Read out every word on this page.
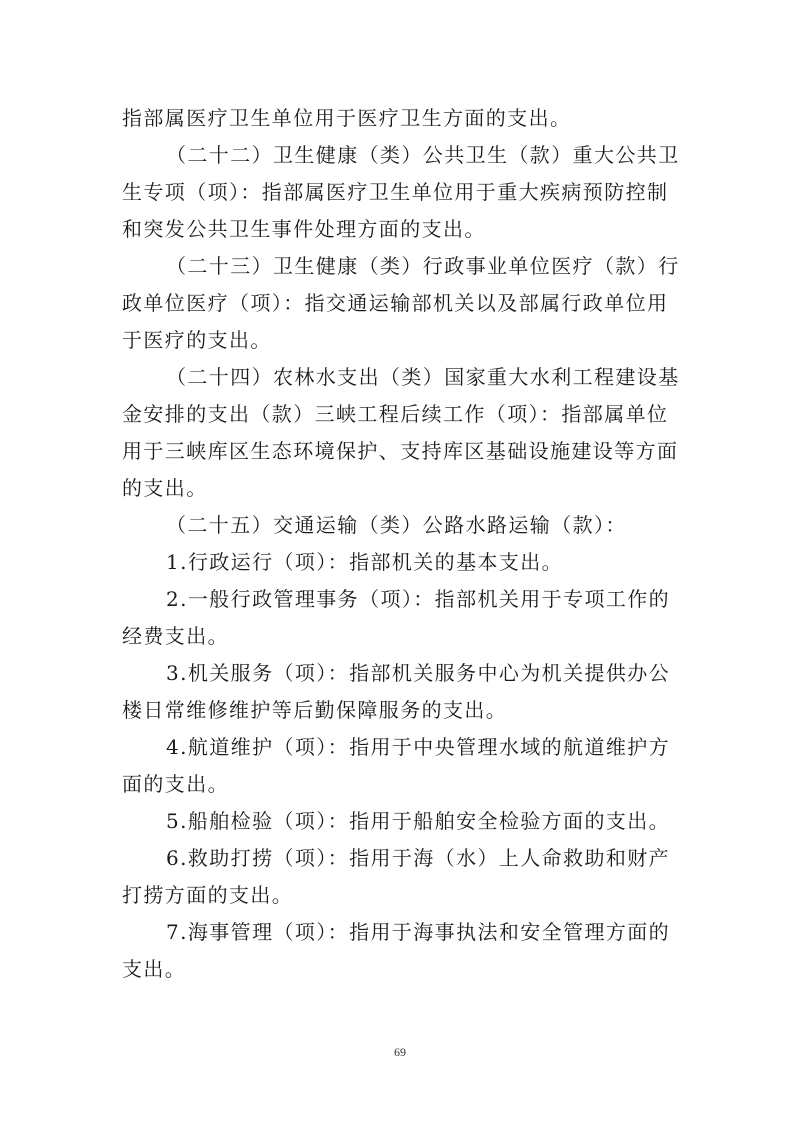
指部属医疗卫生单位用于医疗卫生方面的支出。
（二十二）卫生健康（类）公共卫生（款）重大公共卫
生专项（项）：指部属医疗卫生单位用于重大疾病预防控制
和突发公共卫生事件处理方面的支出。
（二十三）卫生健康（类）行政事业单位医疗（款）行
政单位医疗（项）：指交通运输部机关以及部属行政单位用
于医疗的支出。
（二十四）农林水支出（类）国家重大水利工程建设基
金安排的支出（款）三峡工程后续工作（项）：指部属单位
用于三峡库区生态环境保护、支持库区基础设施建设等方面
的支出。
（二十五）交通运输（类）公路水路运输（款）：
1.行政运行（项）：指部机关的基本支出。
2.一般行政管理事务（项）：指部机关用于专项工作的
经费支出。
3.机关服务（项）：指部机关服务中心为机关提供办公
楼日常维修维护等后勤保障服务的支出。
4.航道维护（项）：指用于中央管理水域的航道维护方
面的支出。
5.船舶检验（项）：指用于船舶安全检验方面的支出。
6.救助打捞（项）：指用于海（水）上人命救助和财产
打捞方面的支出。
7.海事管理（项）：指用于海事执法和安全管理方面的
支出。
69
